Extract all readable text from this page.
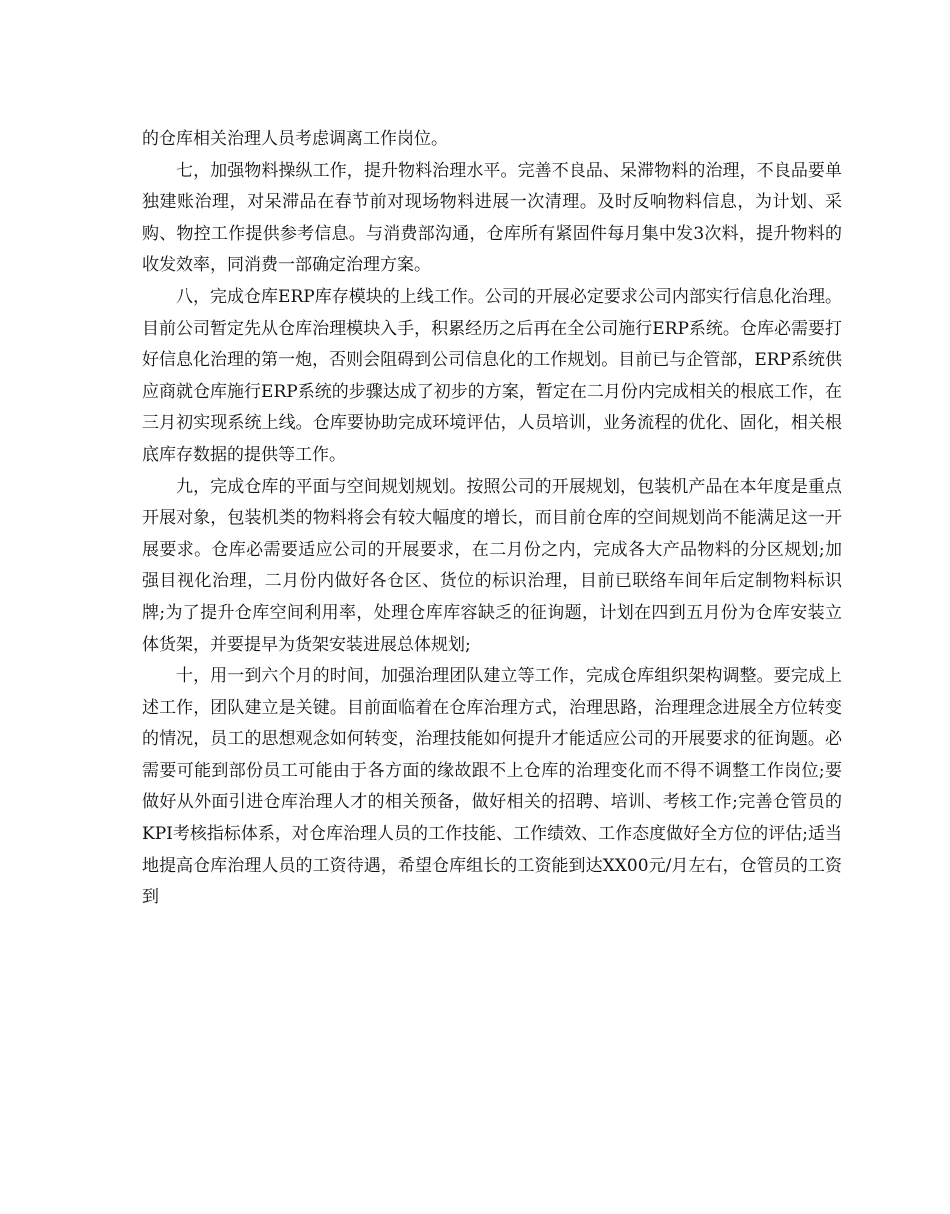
的仓库相关治理人员考虑调离工作岗位。

七，加强物料操纵工作，提升物料治理水平。完善不良品、呆滞物料的治理，不良品要单独建账治理，对呆滞品在春节前对现场物料进展一次清理。及时反响物料信息，为计划、采购、物控工作提供参考信息。与消费部沟通，仓库所有紧固件每月集中发3次料，提升物料的收发效率，同消费一部确定治理方案。

八，完成仓库ERP库存模块的上线工作。公司的开展必定要求公司内部实行信息化治理。目前公司暂定先从仓库治理模块入手，积累经历之后再在全公司施行ERP系统。仓库必需要打好信息化治理的第一炮，否则会阻碍到公司信息化的工作规划。目前已与企管部，ERP系统供应商就仓库施行ERP系统的步骤达成了初步的方案，暂定在二月份内完成相关的根底工作，在三月初实现系统上线。仓库要协助完成环境评估，人员培训，业务流程的优化、固化，相关根底库存数据的提供等工作。

九，完成仓库的平面与空间规划规划。按照公司的开展规划，包装机产品在本年度是重点开展对象，包装机类的物料将会有较大幅度的增长，而目前仓库的空间规划尚不能满足这一开展要求。仓库必需要适应公司的开展要求，在二月份之内，完成各大产品物料的分区规划;加强目视化治理，二月份内做好各仓区、货位的标识治理，目前已联络车间年后定制物料标识牌;为了提升仓库空间利用率，处理仓库库容缺乏的征询题，计划在四到五月份为仓库安装立体货架，并要提早为货架安装进展总体规划;

十，用一到六个月的时间，加强治理团队建立等工作，完成仓库组织架构调整。要完成上述工作，团队建立是关键。目前面临着在仓库治理方式，治理思路，治理理念进展全方位转变的情况，员工的思想观念如何转变，治理技能如何提升才能适应公司的开展要求的征询题。必需要可能到部份员工可能由于各方面的缘故跟不上仓库的治理变化而不得不调整工作岗位;要做好从外面引进仓库治理人才的相关预备，做好相关的招聘、培训、考核工作;完善仓管员的KPI考核指标体系，对仓库治理人员的工作技能、工作绩效、工作态度做好全方位的评估;适当地提高仓库治理人员的工资待遇，希望仓库组长的工资能到达XX00元/月左右，仓管员的工资到
